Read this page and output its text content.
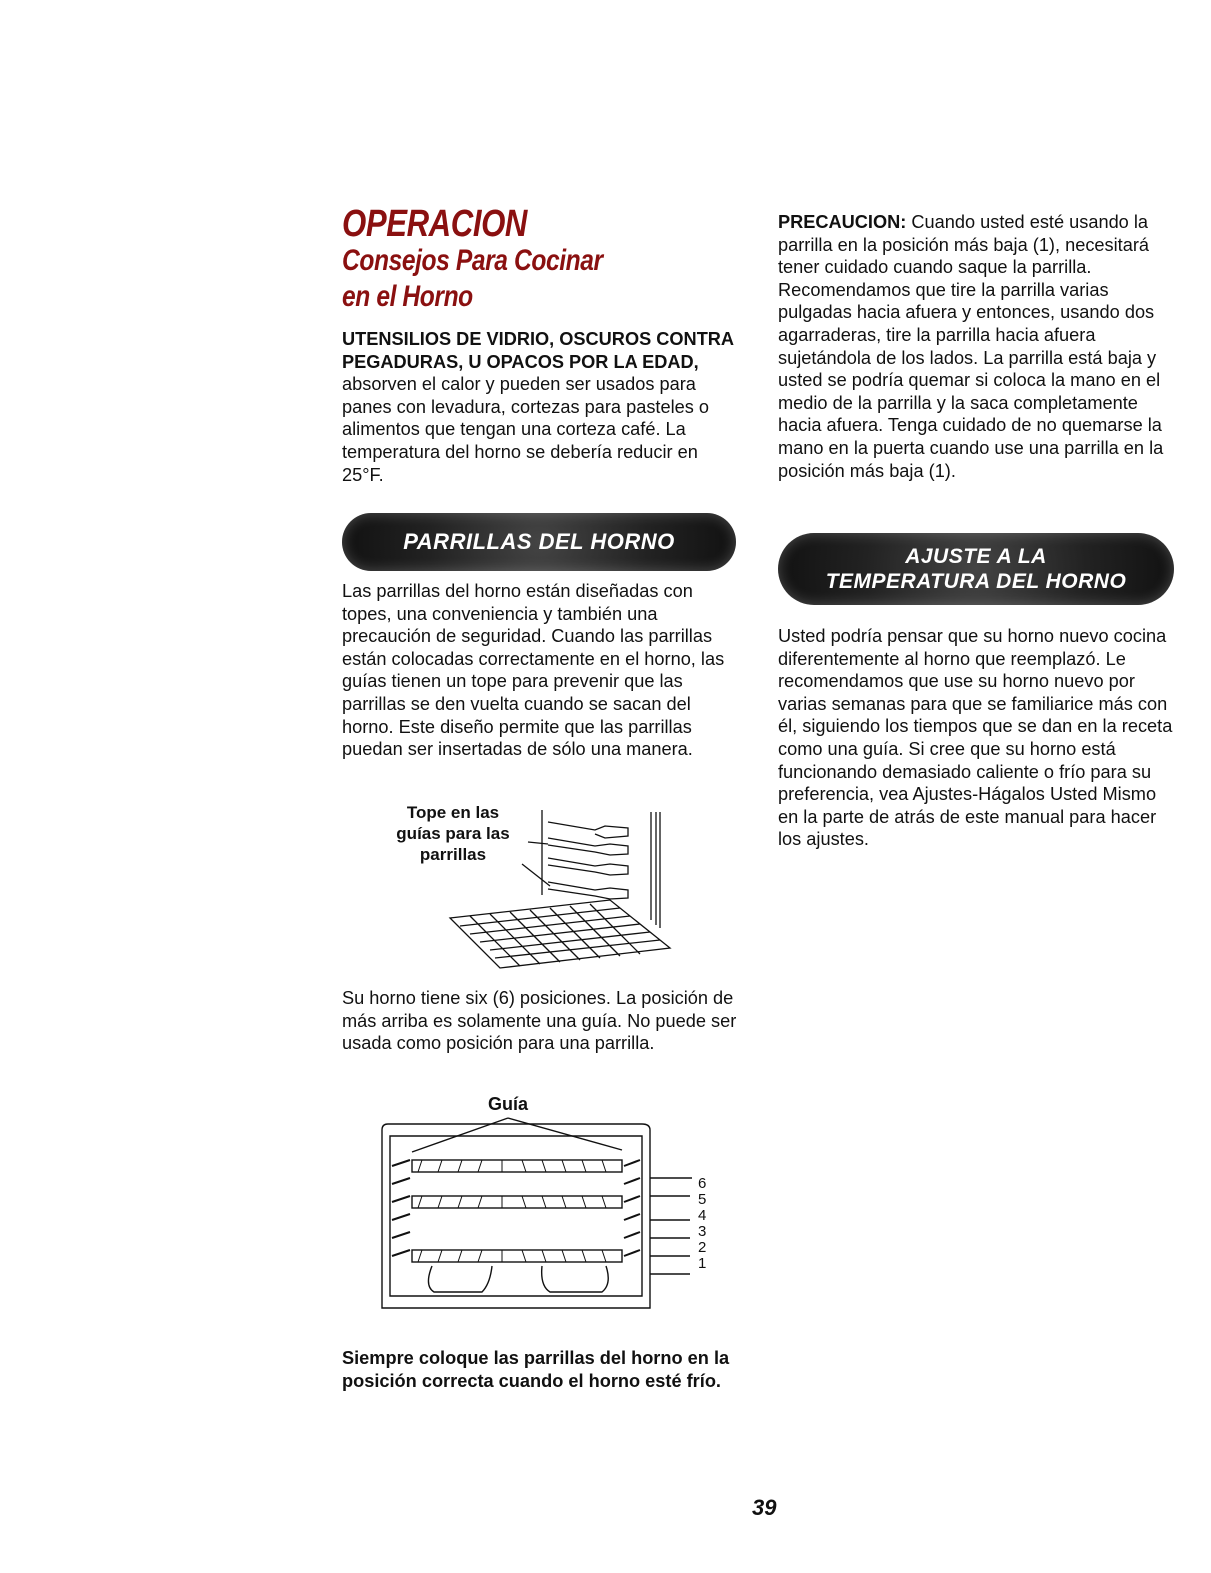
OPERACION
Consejos Para Cocinar
en el Horno

UTENSILIOS DE VIDRIO, OSCUROS CONTRA PEGADURAS, U OPACOS POR LA EDAD, absorven el calor y pueden ser usados para panes con levadura, cortezas para pasteles o alimentos que tengan una corteza café. La temperatura del horno se debería reducir en 25°F.

PARRILLAS DEL HORNO

Las parrillas del horno están diseñadas con topes, una conveniencia y también una precaución de seguridad. Cuando las parrillas están colocadas correctamente en el horno, las guías tienen un tope para prevenir que las parrillas se den vuelta cuando se sacan del horno. Este diseño permite que las parrillas puedan ser insertadas de sólo una manera.

Tope en las
guías para las
parrillas

Su horno tiene six (6) posiciones. La posición de más arriba es solamente una guía. No puede ser usada como posición para una parrilla.

Guía
6
5
4
3
2
1

Siempre coloque las parrillas del horno en la posición correcta cuando el horno esté frío.

PRECAUCION: Cuando usted esté usando la parrilla en la posición más baja (1), necesitará tener cuidado cuando saque la parrilla. Recomendamos que tire la parrilla varias pulgadas hacia afuera y entonces, usando dos agarraderas, tire la parrilla hacia afuera sujetándola de los lados. La parrilla está baja y usted se podría quemar si coloca la mano en el medio de la parrilla y la saca completamente hacia afuera. Tenga cuidado de no quemarse la mano en la puerta cuando use una parrilla en la posición más baja (1).

AJUSTE A LA
TEMPERATURA DEL HORNO

Usted podría pensar que su horno nuevo cocina diferentemente al horno que reemplazó. Le recomendamos que use su horno nuevo por varias semanas para que se familiarice más con él, siguiendo los tiempos que se dan en la receta como una guía. Si cree que su horno está funcionando demasiado caliente o frío para su preferencia, vea Ajustes-Hágalos Usted Mismo en la parte de atrás de este manual para hacer los ajustes.

39
